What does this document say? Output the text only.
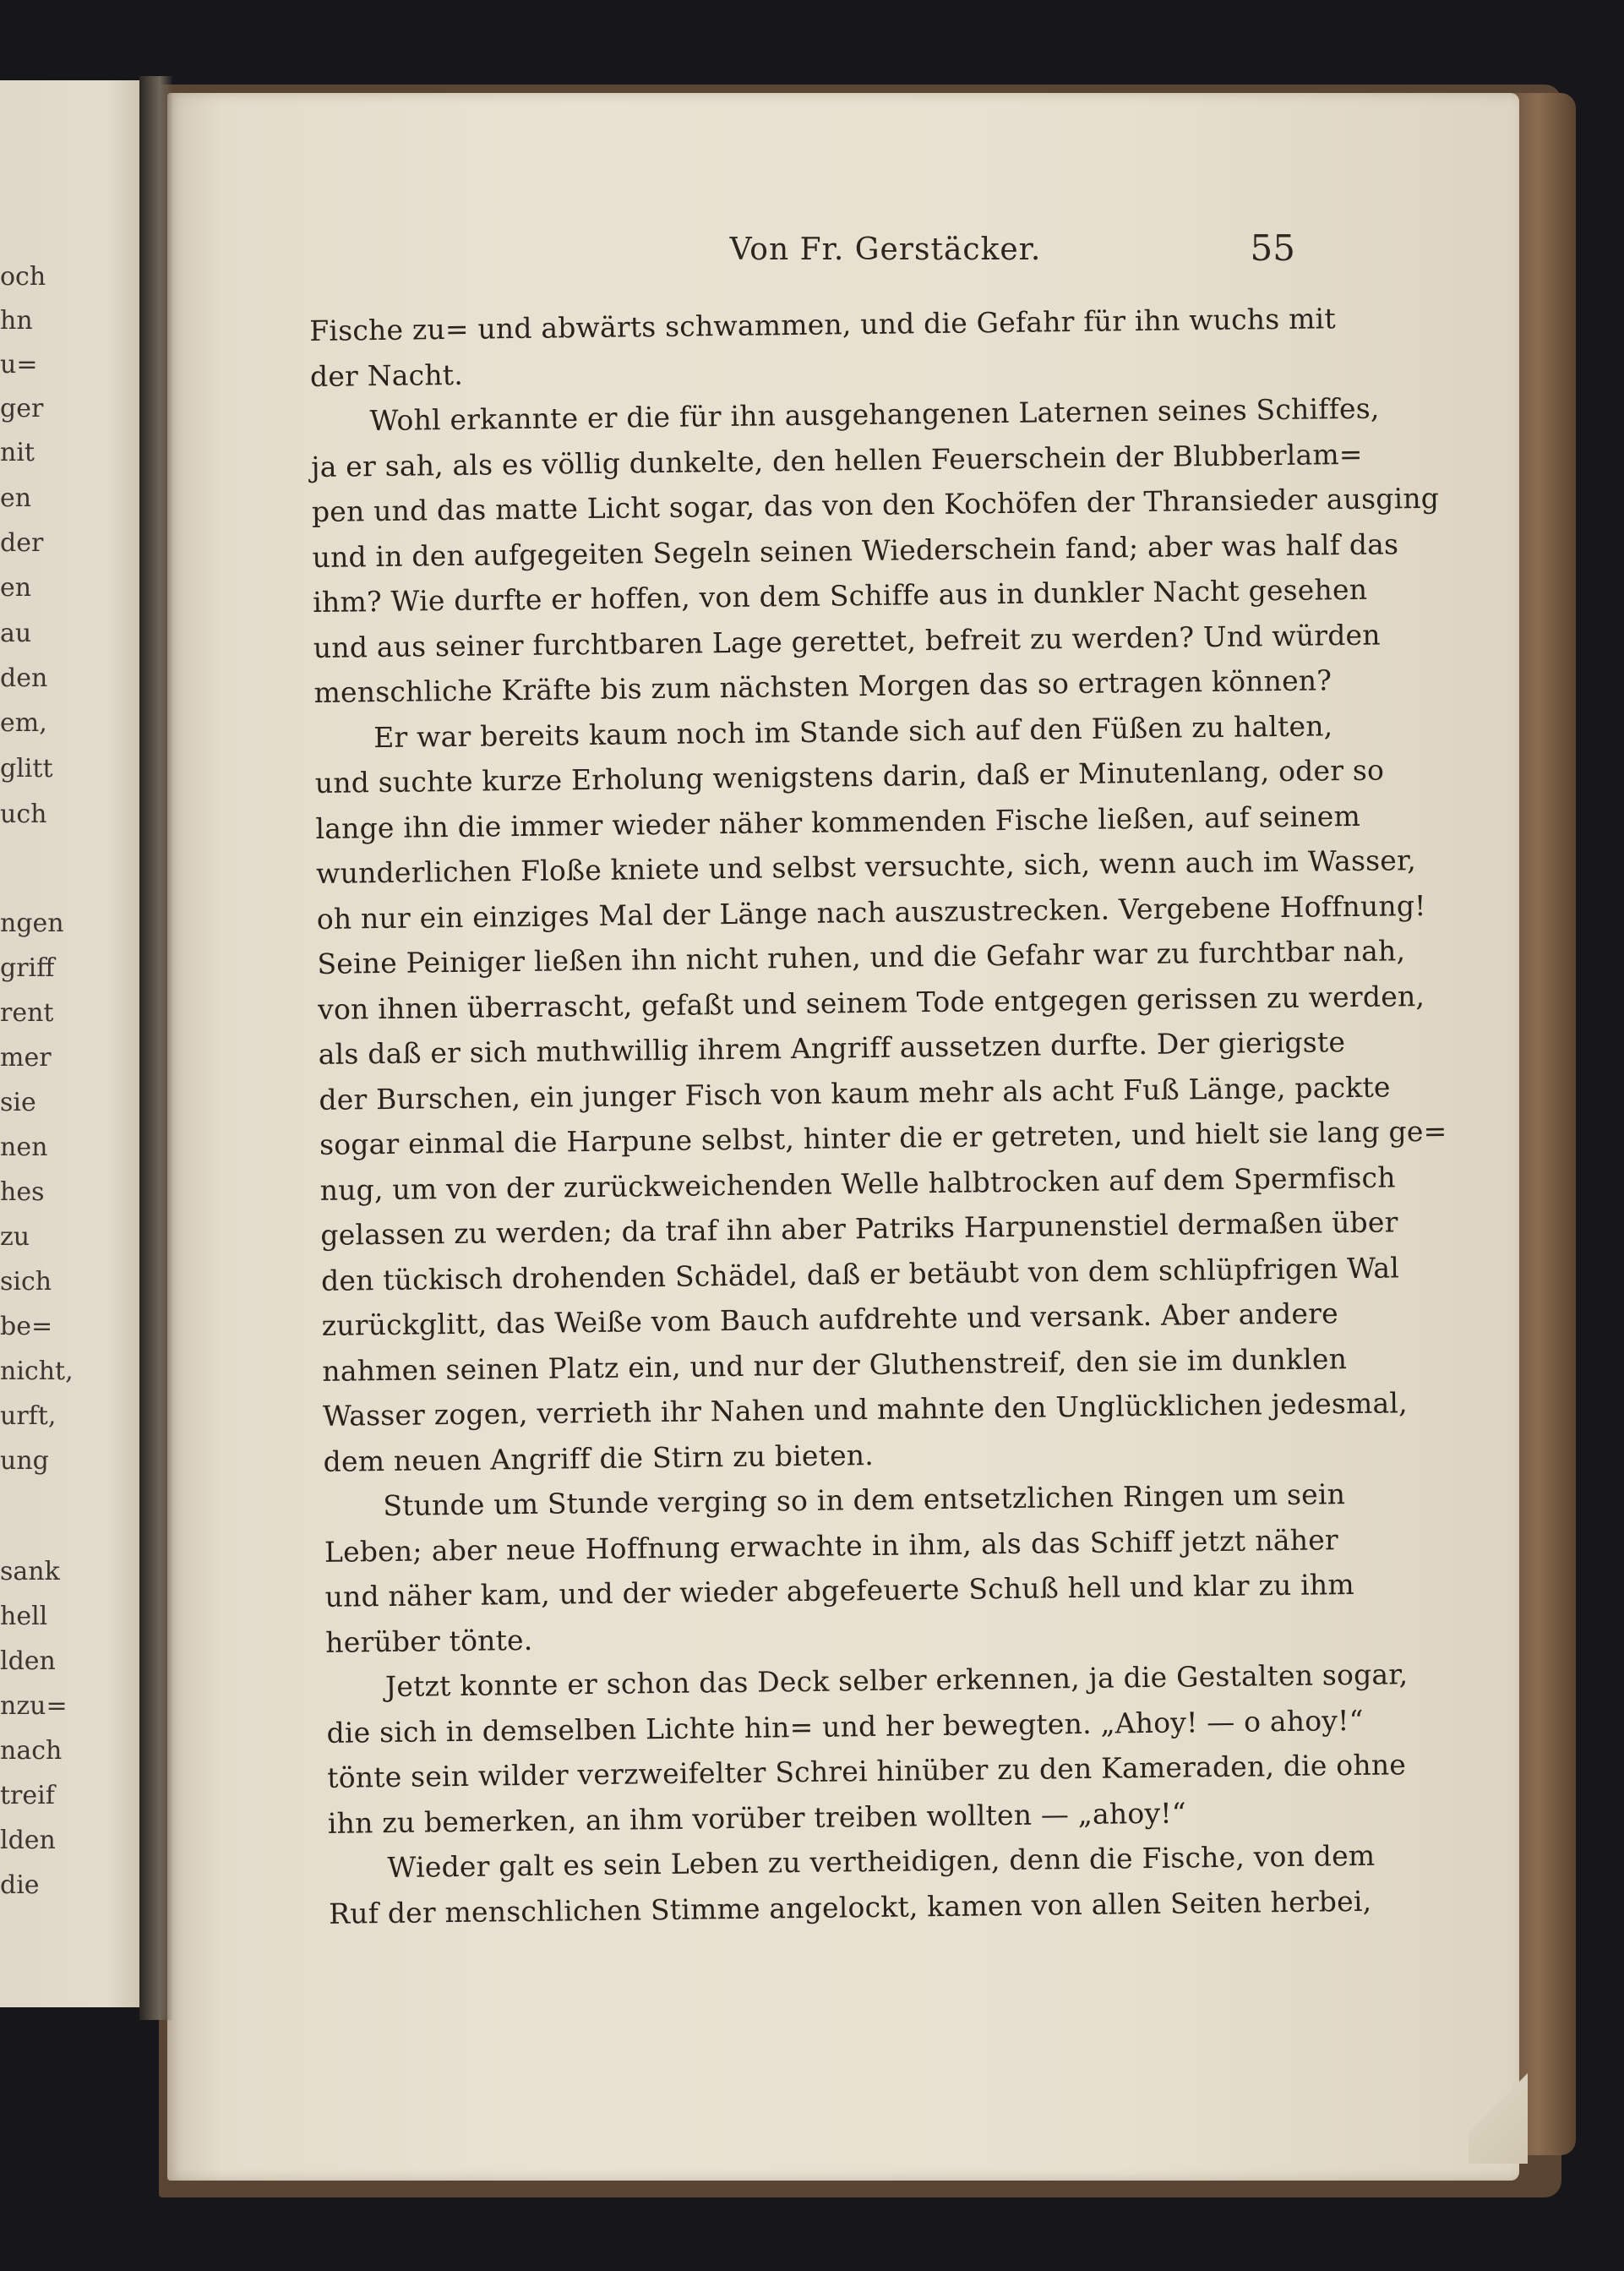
och
hn
u=
ger
nit
en
der
en
au
den
em,
glitt
uch
ngen
griff
rent
mer
sie
nen
hes
zu
sich
be=
nicht,
urft,
ung
sank
hell
lden
nzu=
nach
treif
lden
die
Von Fr. Gerstäcker.	55
Fische zu= und abwärts schwammen, und die Gefahr für ihn wuchs mit
der Nacht.
Wohl erkannte er die für ihn ausgehangenen Laternen seines Schiffes,
ja er sah, als es völlig dunkelte, den hellen Feuerschein der Blubberlam=
pen und das matte Licht sogar, das von den Kochöfen der Thransieder ausging
und in den aufgegeiten Segeln seinen Wiederschein fand; aber was half das
ihm? Wie durfte er hoffen, von dem Schiffe aus in dunkler Nacht gesehen
und aus seiner furchtbaren Lage gerettet, befreit zu werden? Und würden
menschliche Kräfte bis zum nächsten Morgen das so ertragen können?
Er war bereits kaum noch im Stande sich auf den Füßen zu halten,
und suchte kurze Erholung wenigstens darin, daß er Minutenlang, oder so
lange ihn die immer wieder näher kommenden Fische ließen, auf seinem
wunderlichen Floße kniete und selbst versuchte, sich, wenn auch im Wasser,
oh nur ein einziges Mal der Länge nach auszustrecken. Vergebene Hoffnung!
Seine Peiniger ließen ihn nicht ruhen, und die Gefahr war zu furchtbar nah,
von ihnen überrascht, gefaßt und seinem Tode entgegen gerissen zu werden,
als daß er sich muthwillig ihrem Angriff aussetzen durfte. Der gierigste
der Burschen, ein junger Fisch von kaum mehr als acht Fuß Länge, packte
sogar einmal die Harpune selbst, hinter die er getreten, und hielt sie lang ge=
nug, um von der zurückweichenden Welle halbtrocken auf dem Spermfisch
gelassen zu werden; da traf ihn aber Patriks Harpunenstiel dermaßen über
den tückisch drohenden Schädel, daß er betäubt von dem schlüpfrigen Wal
zurückglitt, das Weiße vom Bauch aufdrehte und versank. Aber andere
nahmen seinen Platz ein, und nur der Gluthenstreif, den sie im dunklen
Wasser zogen, verrieth ihr Nahen und mahnte den Unglücklichen jedesmal,
dem neuen Angriff die Stirn zu bieten.
Stunde um Stunde verging so in dem entsetzlichen Ringen um sein
Leben; aber neue Hoffnung erwachte in ihm, als das Schiff jetzt näher
und näher kam, und der wieder abgefeuerte Schuß hell und klar zu ihm
herüber tönte.
Jetzt konnte er schon das Deck selber erkennen, ja die Gestalten sogar,
die sich in demselben Lichte hin= und her bewegten. „Ahoy! — o ahoy!“
tönte sein wilder verzweifelter Schrei hinüber zu den Kameraden, die ohne
ihn zu bemerken, an ihm vorüber treiben wollten — „ahoy!“
Wieder galt es sein Leben zu vertheidigen, denn die Fische, von dem
Ruf der menschlichen Stimme angelockt, kamen von allen Seiten herbei,
